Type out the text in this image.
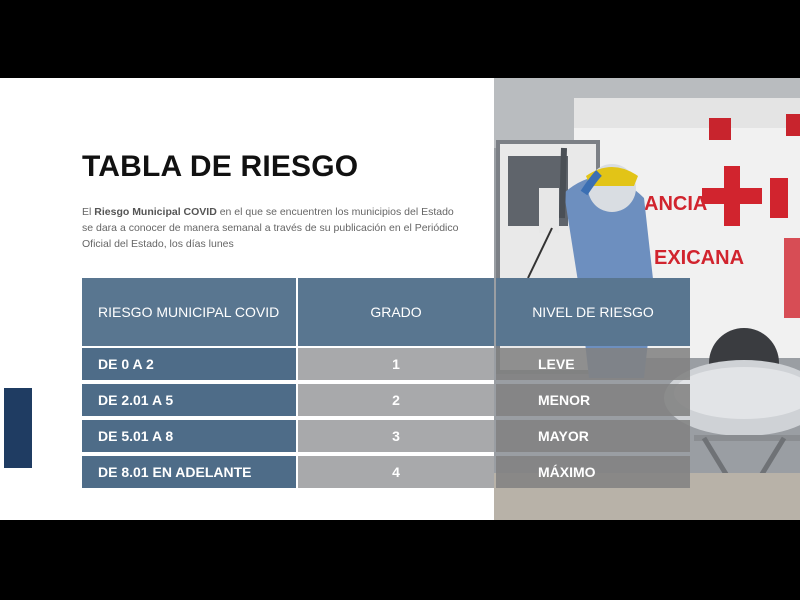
ANCIA
EXICANA
TABLA DE RIESGO

El Riesgo Municipal COVID en el que se encuentren los municipios del Estado se dara a conocer de manera semanal a través de su publicación en el Periódico Oficial del Estado, los días lunes

RIESGO MUNICIPAL COVID	GRADO	NIVEL DE RIESGO
DE 0 A 2	1	LEVE
DE 2.01 A 5	2	MENOR
DE 5.01 A 8	3	MAYOR
DE 8.01 EN ADELANTE	4	MÁXIMO
